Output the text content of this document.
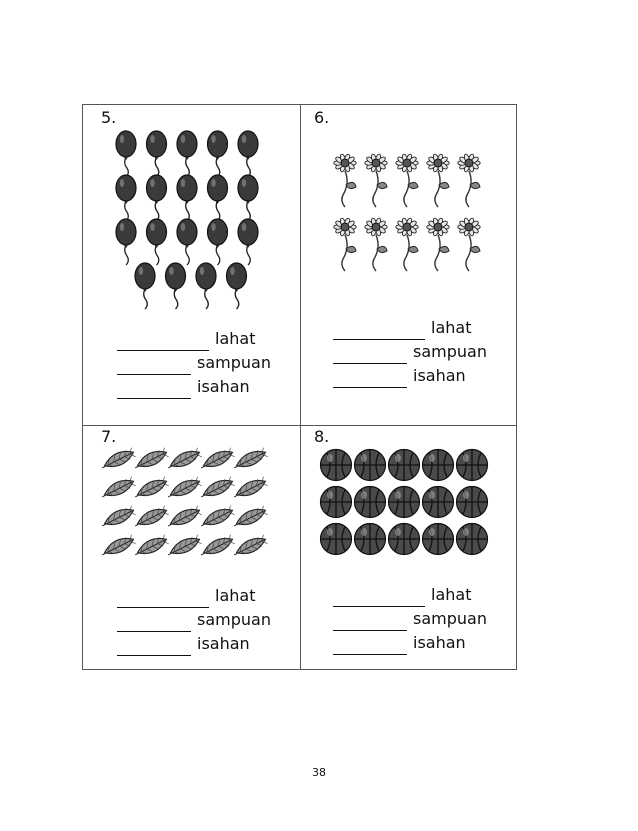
5.
lahat
sampuan
isahan
6.
lahat
sampuan
isahan
7.
lahat
sampuan
isahan
8.
lahat
sampuan
isahan
38
